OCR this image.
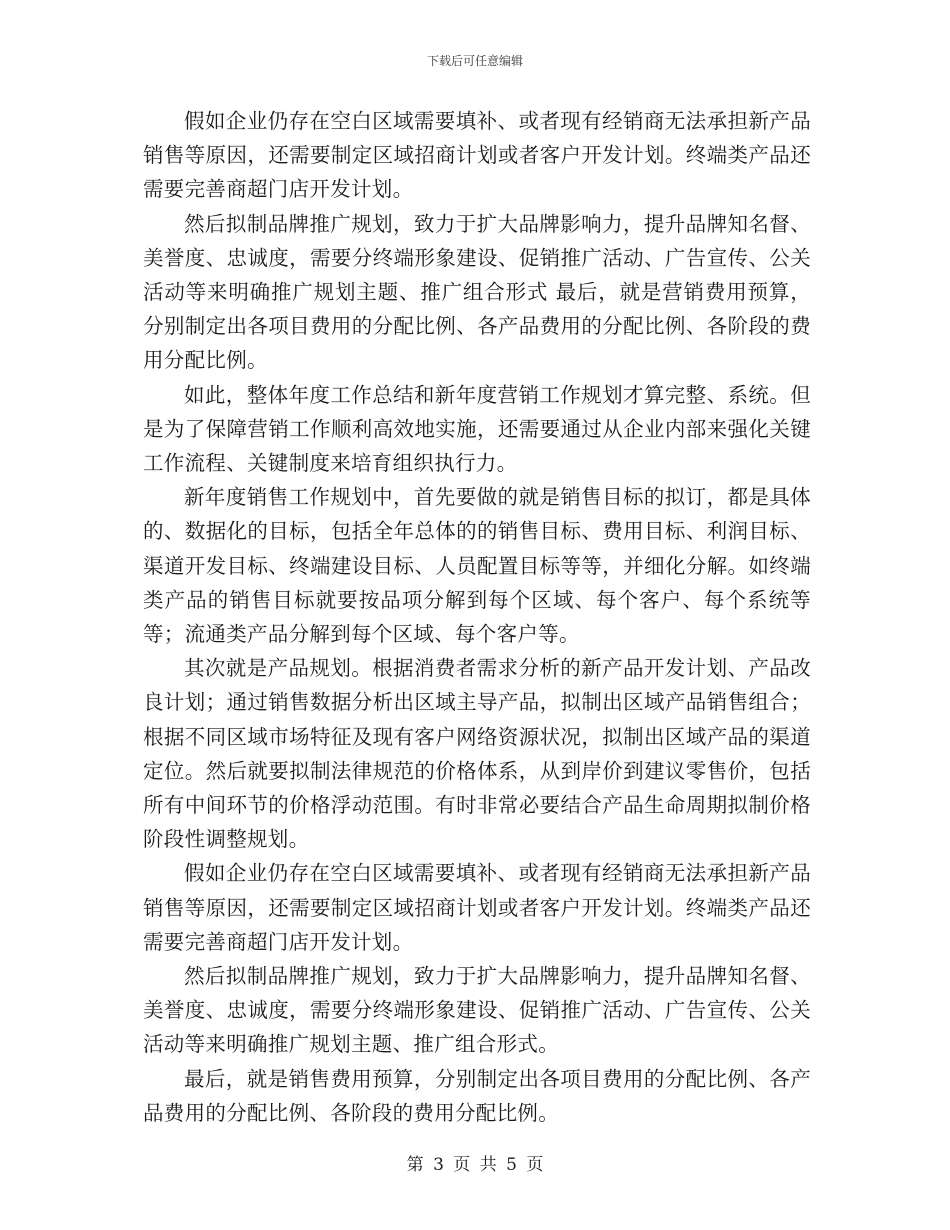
下载后可任意编辑

假如企业仍存在空白区域需要填补、或者现有经销商无法承担新产品销售等原因，还需要制定区域招商计划或者客户开发计划。终端类产品还需要完善商超门店开发计划。

然后拟制品牌推广规划，致力于扩大品牌影响力，提升品牌知名督、美誉度、忠诚度，需要分终端形象建设、促销推广活动、广告宣传、公关活动等来明确推广规划主题、推广组合形式 最后，就是营销费用预算，分别制定出各项目费用的分配比例、各产品费用的分配比例、各阶段的费用分配比例。

如此，整体年度工作总结和新年度营销工作规划才算完整、系统。但是为了保障营销工作顺利高效地实施，还需要通过从企业内部来强化关键工作流程、关键制度来培育组织执行力。

新年度销售工作规划中，首先要做的就是销售目标的拟订，都是具体的、数据化的目标，包括全年总体的的销售目标、费用目标、利润目标、渠道开发目标、终端建设目标、人员配置目标等等，并细化分解。如终端类产品的销售目标就要按品项分解到每个区域、每个客户、每个系统等等；流通类产品分解到每个区域、每个客户等。

其次就是产品规划。根据消费者需求分析的新产品开发计划、产品改良计划；通过销售数据分析出区域主导产品，拟制出区域产品销售组合；根据不同区域市场特征及现有客户网络资源状况，拟制出区域产品的渠道定位。然后就要拟制法律规范的价格体系，从到岸价到建议零售价，包括所有中间环节的价格浮动范围。有时非常必要结合产品生命周期拟制价格阶段性调整规划。

假如企业仍存在空白区域需要填补、或者现有经销商无法承担新产品销售等原因，还需要制定区域招商计划或者客户开发计划。终端类产品还需要完善商超门店开发计划。

然后拟制品牌推广规划，致力于扩大品牌影响力，提升品牌知名督、美誉度、忠诚度，需要分终端形象建设、促销推广活动、广告宣传、公关活动等来明确推广规划主题、推广组合形式。

最后，就是销售费用预算，分别制定出各项目费用的分配比例、各产品费用的分配比例、各阶段的费用分配比例。

第 3 页 共 5 页
